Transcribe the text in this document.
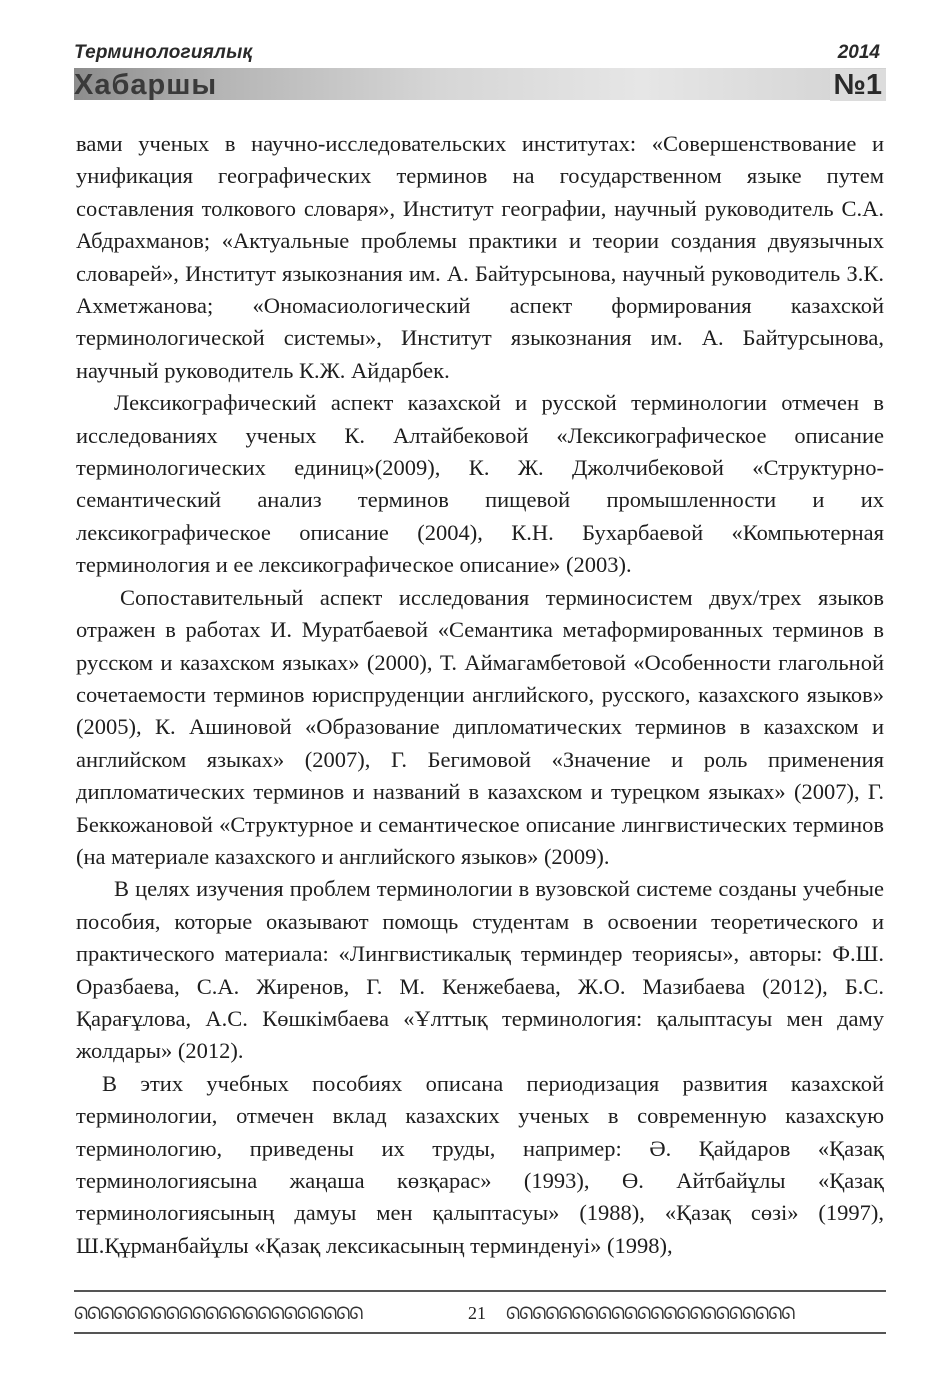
Терминологиялық	2014
Хабаршы	№1

вами ученых в научно-исследовательских институтах: «Совершенствование и унификация географических терминов на государственном языке путем составления толкового словаря», Институт географии, научный руководитель С.А. Абдрахманов; «Актуальные проблемы практики и теории создания двуязычных словарей», Институт языкознания им. А. Байтурсынова, научный руководитель З.К. Ахметжанова; «Ономасиологический аспект формирования казахской терминологической системы», Институт языкознания им. А. Байтурсынова, научный руководитель К.Ж. Айдарбек.

Лексикографический аспект казахской и русской терминологии отмечен в исследованиях ученых К. Алтайбековой «Лексикографическое описание терминологических единиц»(2009), К. Ж. Джолчибековой «Структурно-семантический анализ терминов пищевой промышленности и их лексикографическое описание (2004), К.Н. Бухарбаевой «Компьютерная терминология и ее лексикографическое описание» (2003).

Сопоставительный аспект исследования терминосистем двух/трех языков отражен в работах И. Муратбаевой «Семантика метаформированных терминов в русском и казахском языках» (2000), Т. Аймагамбетовой «Особенности глагольной сочетаемости терминов юриспруденции английского, русского, казахского языков» (2005), К. Ашиновой «Образование дипломатических терминов в казахском и английском языках» (2007), Г. Бегимовой «Значение и роль применения дипломатических терминов и названий в казахском и турецком языках» (2007), Г. Беккожановой «Структурное и семантическое описание лингвистических терминов (на материале казахского и английского языков» (2009).

В целях изучения проблем терминологии в вузовской системе созданы учебные пособия, которые оказывают помощь студентам в освоении теоретического и практического материала: «Лингвистикалық терминдер теориясы», авторы: Ф.Ш. Оразбаева, С.А. Жиренов, Г. М. Кенжебаева, Ж.О. Мазибаева (2012), Б.С. Қарағұлова, А.С. Көшкімбаева «Ұлттық терминология: қалыптасуы мен даму жолдары» (2012).

В этих учебных пособиях описана периодизация развития казахской терминологии, отмечен вклад казахских ученых в современную казахскую терминологию, приведены их труды, например: Ә. Қайдаров «Қазақ терминологиясына жаңаша көзқарас» (1993), Ө. Айтбайұлы «Қазақ терминологиясының дамуы мен қалыптасуы» (1988), «Қазақ сөзі» (1997), Ш.Құрманбайұлы «Қазақ лексикасының терминденуі» (1998),

ᘏᘏᘏᘏᘏᘏᘏᘏᘏᘏᘏᘏᘏᘏᘏᘏᘏᘏᘏᘏᘏᘏ	21	ᘏᘏᘏᘏᘏᘏᘏᘏᘏᘏᘏᘏᘏᘏᘏᘏᘏᘏᘏᘏᘏᘏ
